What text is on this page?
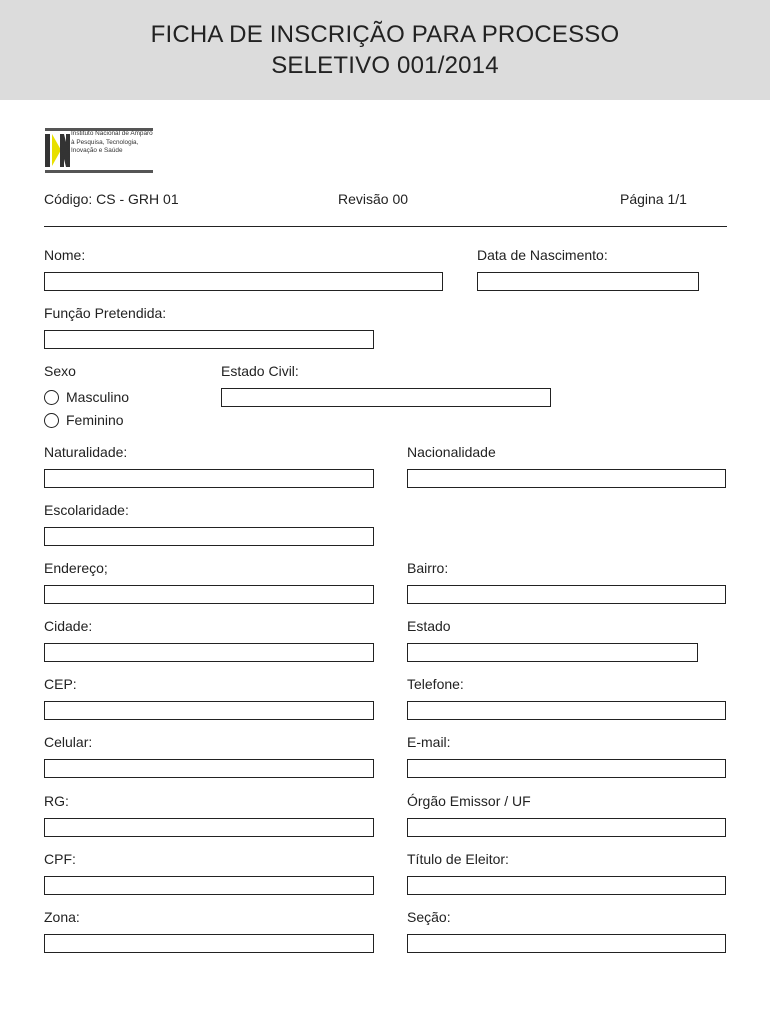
FICHA DE INSCRIÇÃO PARA PROCESSO
SELETIVO 001/2014
Instituto Nacional de Amparo
à Pesquisa, Tecnologia,
Inovação e Saúde
Código: CS - GRH 01	Revisão 00	Página 1/1
Nome:	Data de Nascimento:
Função Pretendida:
Sexo	Estado Civil:
Masculino
Feminino
Naturalidade:	Nacionalidade
Escolaridade:
Endereço;	Bairro:
Cidade:	Estado
CEP:	Telefone:
Celular:	E-mail:
RG:	Órgão Emissor / UF
CPF:	Título de Eleitor:
Zona:	Seção:
